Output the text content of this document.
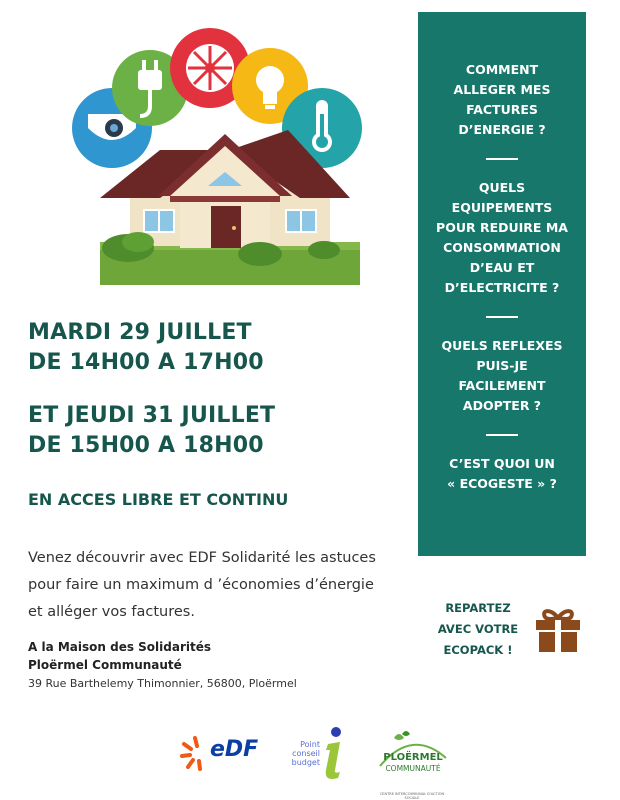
MARDI 29 JUILLET
DE 14H00 A 17H00
ET JEUDI 31 JUILLET
DE 15H00 A 18H00
EN ACCES LIBRE ET CONTINU
Venez découvrir avec EDF Solidarité les astuces
pour faire un maximum d ’économies d’énergie
et alléger vos factures.
A la Maison des Solidarités
Ploërmel Communauté
39 Rue Barthelemy Thimonnier, 56800, Ploërmel
COMMENT
ALLEGER MES
FACTURES
D’ENERGIE ?
QUELS
EQUIPEMENTS
POUR REDUIRE MA
CONSOMMATION
D’EAU ET
D’ELECTRICITE ?
QUELS REFLEXES
PUIS-JE
FACILEMENT
ADOPTER ?
C’EST QUOI UN
« ECOGESTE » ?
REPARTEZ
AVEC VOTRE
ECOPACK !
eDF	Point
conseil
budget	PLOËRMEL
COMMUNAUTÉ
CENTRE INTERCOMMUNAL D'ACTION SOCIALE
